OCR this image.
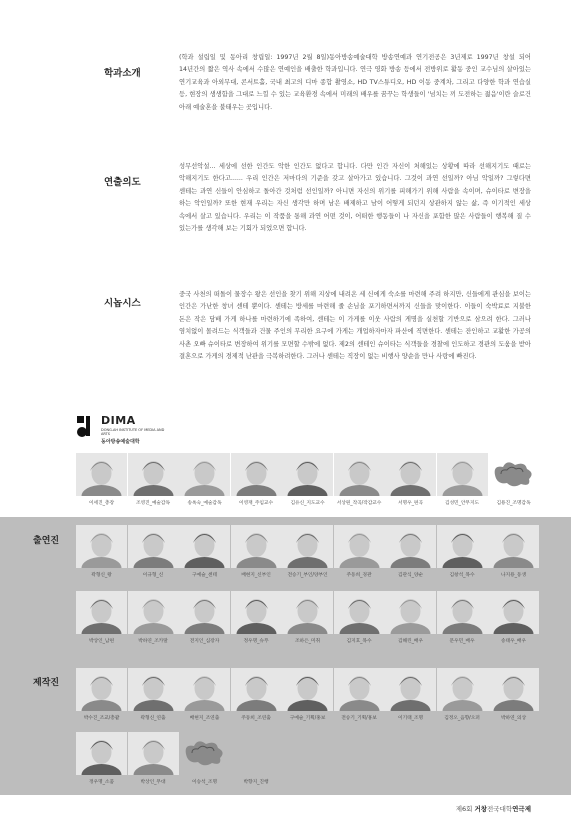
학과소개
(학과 설립일 및 동아리 창립일: 1997년 2월 8일)동아방송예술대학 방송연예과 연기전공은 3년제로 1997년 창설 되어 14년간의 짧은 역사 속에서 수많은 연예인을 배출한 학과입니다. 연극 영화 방송 등에서 전방위로 활동 중인 교수님의 살아있는 연기교육과 아외무대, 콘서트홀, 국내 최고의 디마 종합 촬영소, HD TV스튜디오, HD 이동 중계차, 그리고 다양한 학과 연습실 등, 현장의 생생함을 그대로 느낄 수 있는 교육환경 속에서 미래의 배우를 꿈꾸는 학생들이 '넘치는 끼 도전하는 젊음'이란 슬로건 아래 예술혼을 불태우는 곳입니다.
연출의도
성무선악설... 세상에 선한 인간도 악한 인간도 없다고 합니다. 다만 인간 자신이 처해있는 상황에 따라 선해지기도 때로는 악해지기도 한다고...... 우리 인간은 저마다의 기준을 갖고 살아가고 있습니다. 그것이 과연 선일까? 아님 악일까? 그렇다면 센테는 과연 신들이 안심하고 돌아간 것처럼 선인일까? 아니면 자신의 위기를 피해가기 위해 사람을 속이며, 슈이타로 변장을 하는 악인일까? 또한 현재 우리는 자신 생각만 하며 남은 배제하고 남이 어떻게 되던지 상관하지 않는 삶, 즉 이기적인 세상 속에서 살고 있습니다. 우리는 이 작품을 통해 과연 어떤 것이, 어떠한 행동들이 나 자신을 포함한 많은 사람들이 행복해 질 수 있는가를 생각해 보는 기회가 되었으면 합니다.
시놉시스
중국 사천의 떠돌이 물장수 왕은 선인을 찾기 위해 지상에 내려온 세 신에게 숙소를 마련해 주려 하지만, 신들에게 관심을 보이는 인간은 가난한 창녀 센테 뿐이다. 센테는 방세를 마련해 줄 손님을 포기하면서까지 신들을 맞이한다. 이들이 숙박료로 지불한 돈은 작은 담배 가게 하나를 마련하기에 족하여, 센테는 이 가게를 이웃 사람의 게명을 실천할 기반으로 삼으려 한다. 그러나 염치없이 몰려드는 식객들과 건물 주인의 무리한 요구에 가게는 개업하자마자 파산에 직면한다. 센테는 잔인하고 교활한 가공의 사촌 오빠 슈이타로 변장하여 위기를 모면할 수밖에 없다. 제2의 센테인 슈이타는 식객들을 경찰에 인도하고 경관의 도움을 받아 결혼으로 가게의 경제적 난관을 극복하려한다. 그러나 센테는 직장이 없는 비행사 양순을 만나 사랑에 빠진다.
DIMA
DONG-AH INSTITUTE OF MEDIA AND ARTS
동아방송예술대학
이세진_총장	조영진_예술감독	송옥숙_예술감독	이영재_주임교수	김유신_지도교수	서상원_작곡/작감교수	서명우_편곡	김성민_안무지도	김용진_조명감독
출연진
제작진
곽형신_왕	이규형_신	구예슬_센테	배현지_신부인	전승기_부인/양부인	주동희_경관	김관식_양순	김창석_목수	나지용_동생
박상인_남편	박하연_조카딸	전지인_심장자	정우명_슈푸	조하은_미취	김지호_목수	김해린_배우	문우민_배우	송태우_배우
박수진_조교/총괄	곽형신_연출	배현지_조연출	주동희_조연출	구예슬_기획/홍보	전승기_기획/홍보	이기태_조명	김정오_음향/오퍼	박하연_의상
정우명_소품	박상인_무대	이승석_조명	박향지_진행
제6회 거창전국대학연극제
